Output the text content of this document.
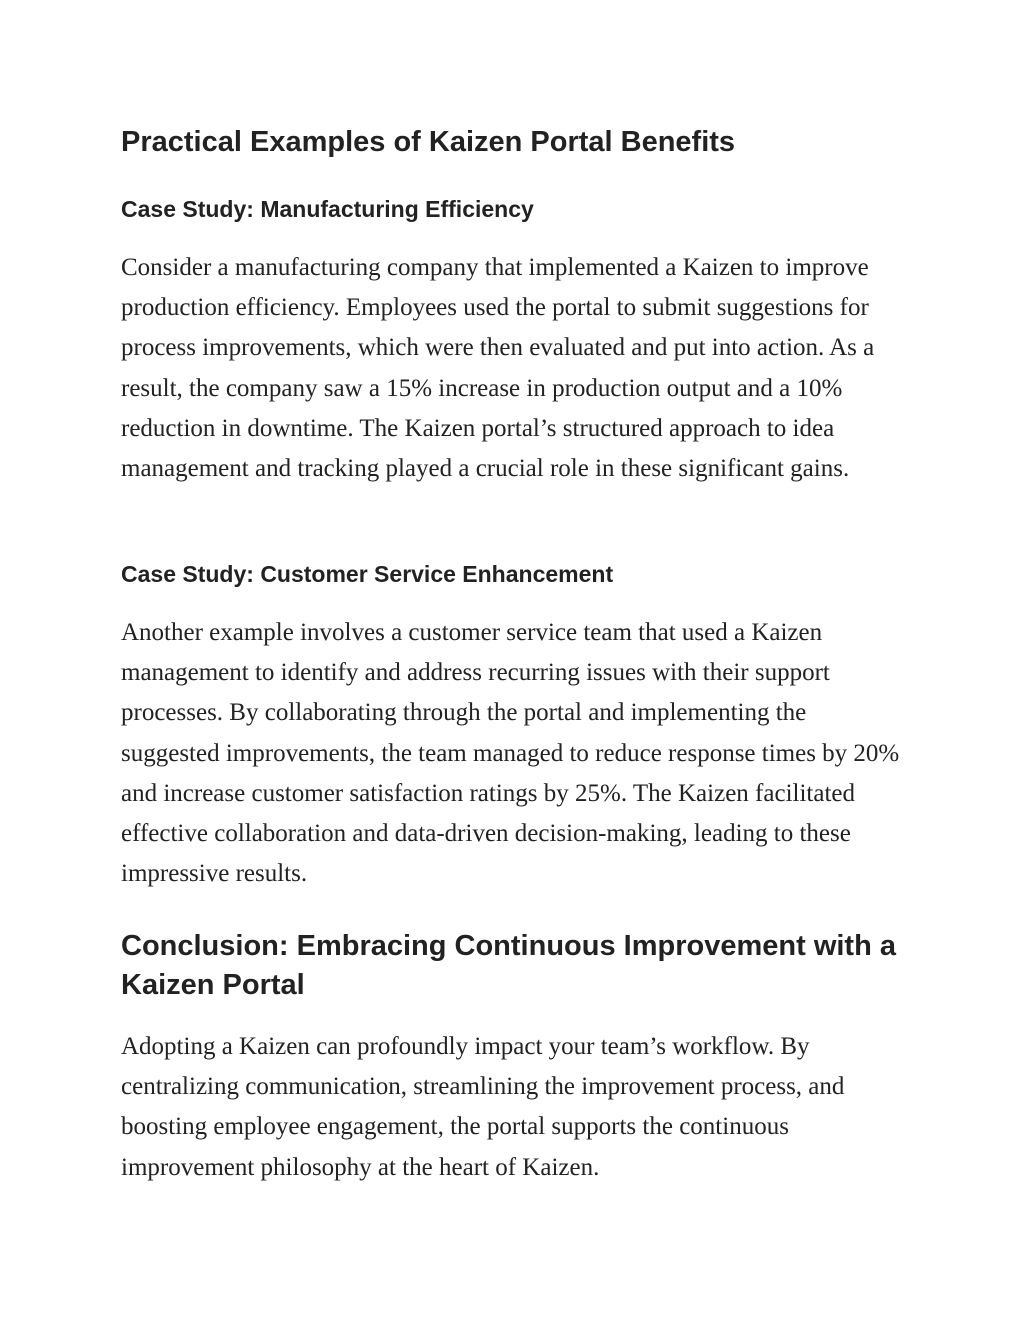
Practical Examples of Kaizen Portal Benefits
Case Study: Manufacturing Efficiency

Consider a manufacturing company that implemented a Kaizen to improve production efficiency. Employees used the portal to submit suggestions for process improvements, which were then evaluated and put into action. As a result, the company saw a 15% increase in production output and a 10% reduction in downtime. The Kaizen portal’s structured approach to idea management and tracking played a crucial role in these significant gains.

Case Study: Customer Service Enhancement

Another example involves a customer service team that used a Kaizen management to identify and address recurring issues with their support processes. By collaborating through the portal and implementing the suggested improvements, the team managed to reduce response times by 20% and increase customer satisfaction ratings by 25%. The Kaizen facilitated effective collaboration and data-driven decision-making, leading to these impressive results.

Conclusion: Embracing Continuous Improvement with a Kaizen Portal

Adopting a Kaizen can profoundly impact your team’s workflow. By centralizing communication, streamlining the improvement process, and boosting employee engagement, the portal supports the continuous improvement philosophy at the heart of Kaizen.
